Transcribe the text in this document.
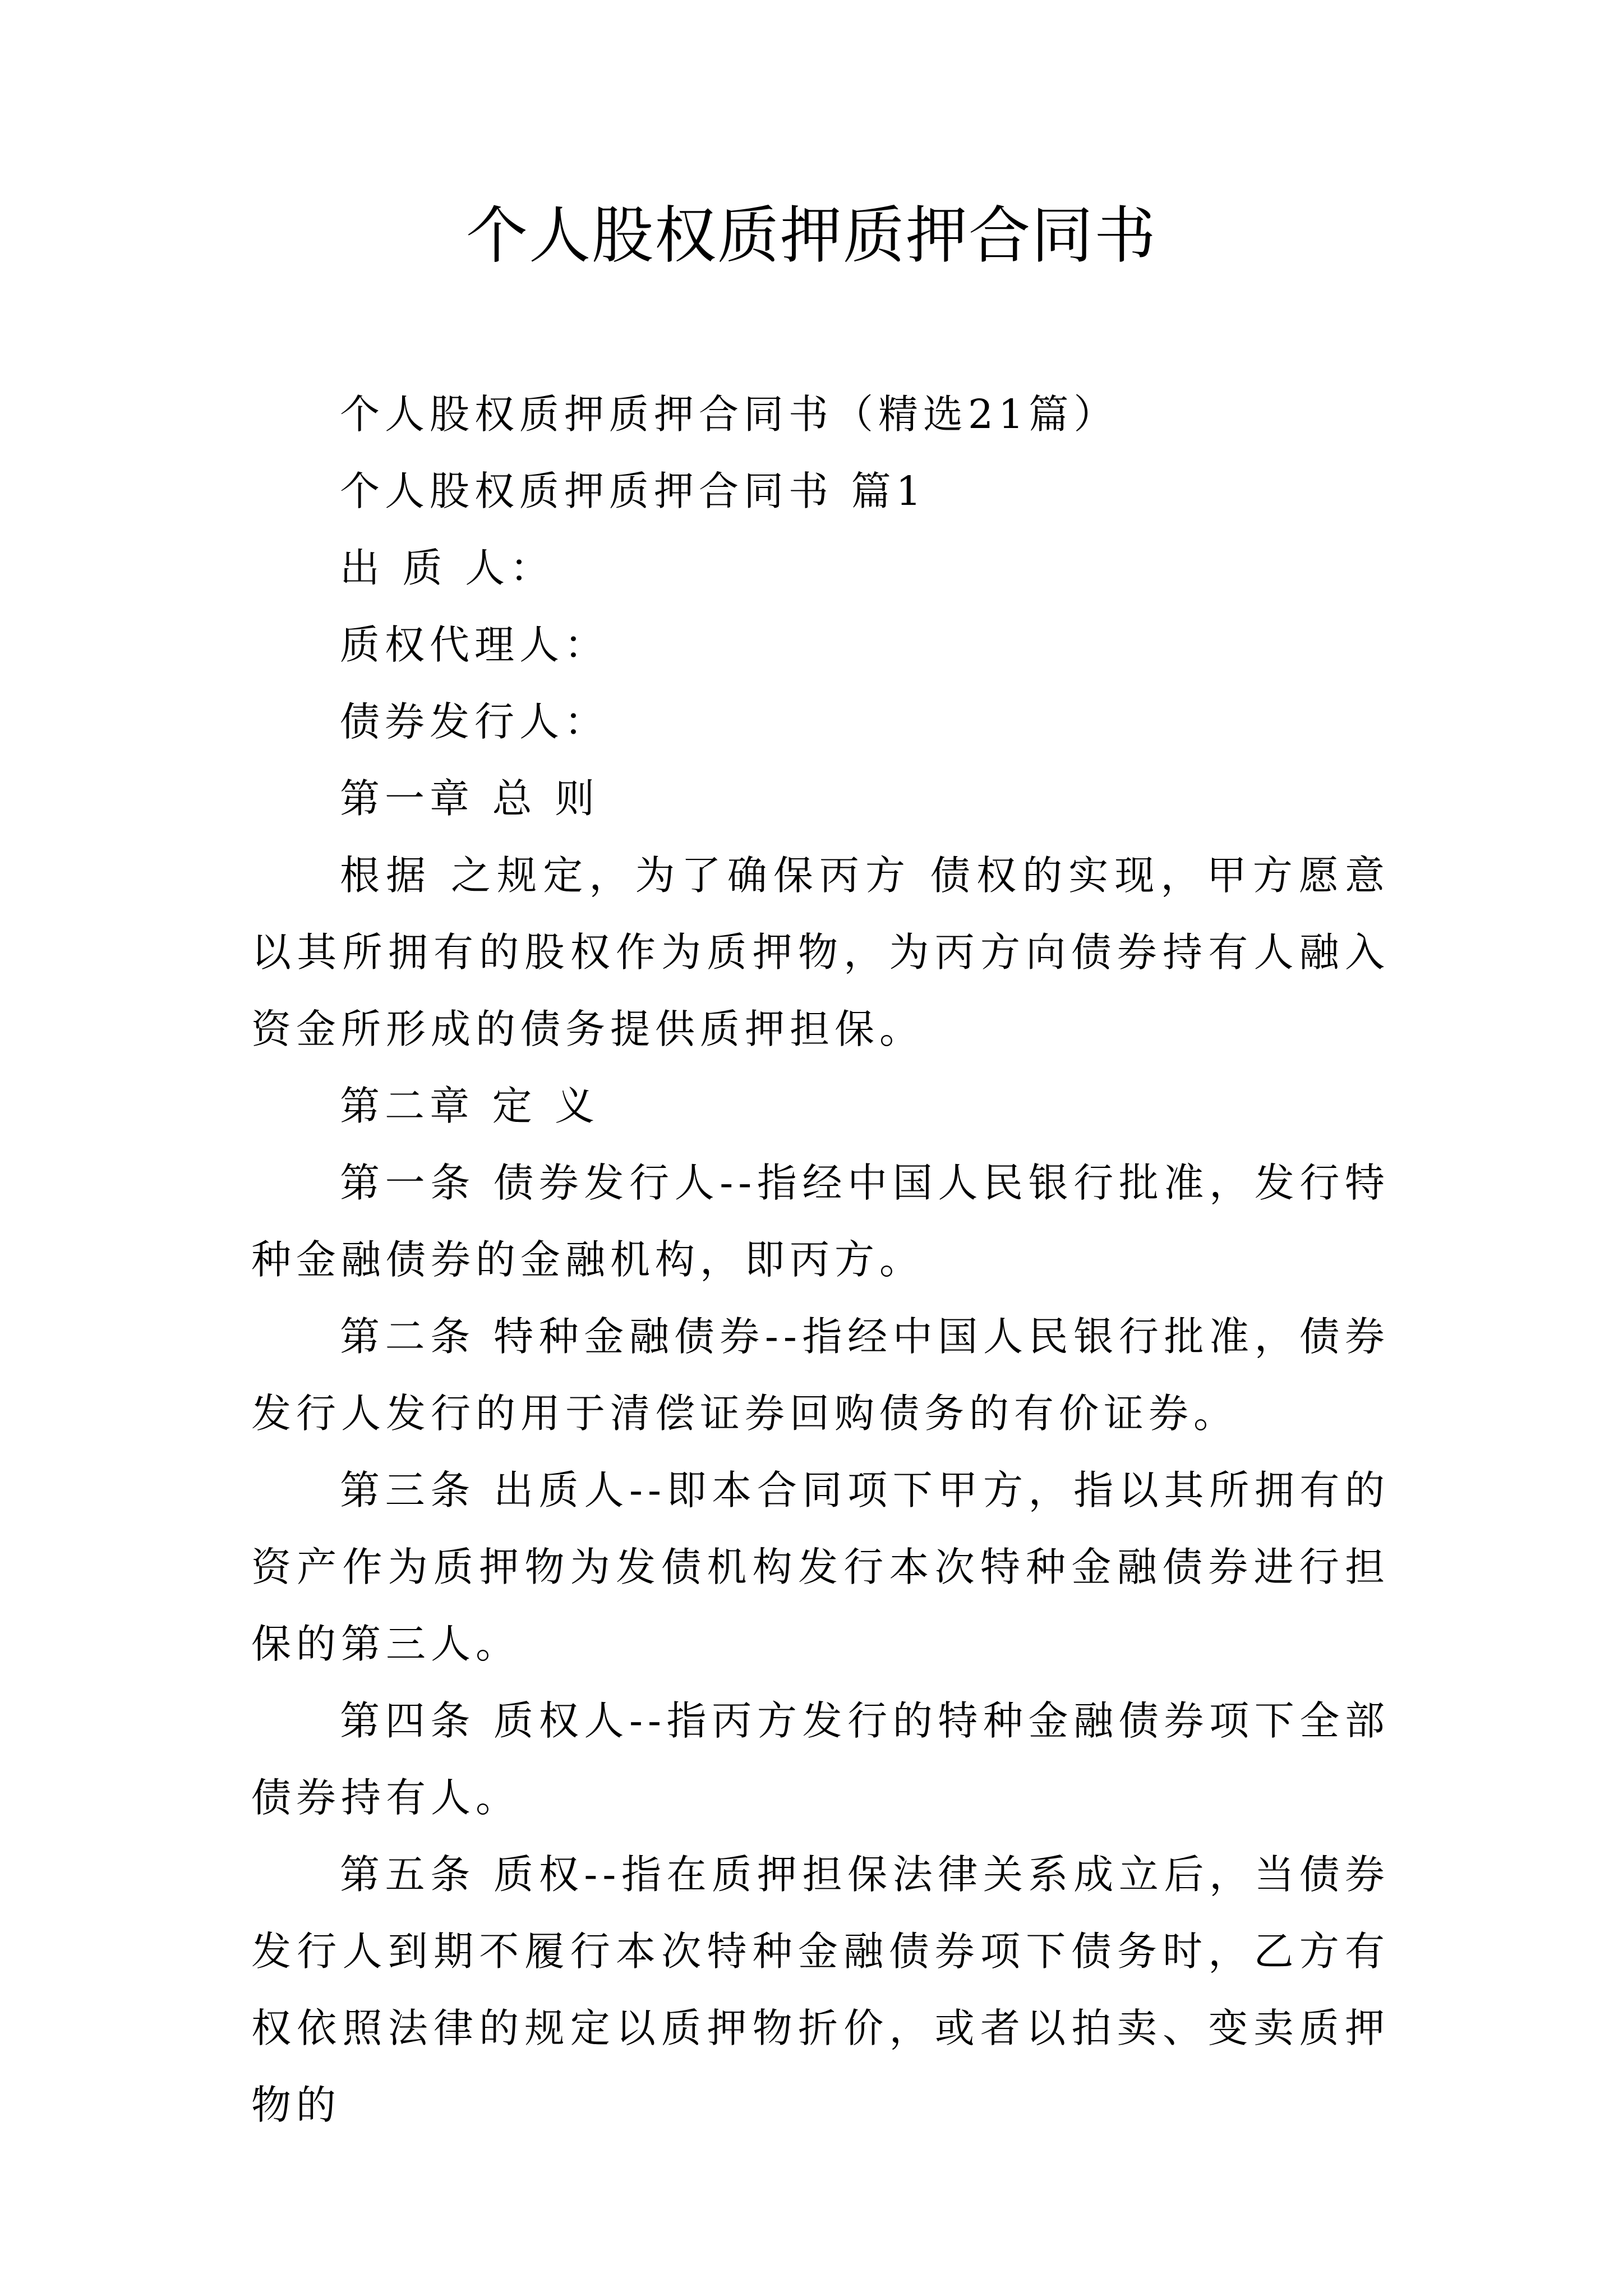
个人股权质押质押合同书

个人股权质押质押合同书（精选21篇）

个人股权质押质押合同书 篇1

出 质 人：

质权代理人：

债券发行人：

第一章 总 则

根据 之规定，为了确保丙方 债权的实现，甲方愿意以其所拥有的股权作为质押物，为丙方向债券持有人融入资金所形成的债务提供质押担保。

第二章 定 义

第一条 债券发行人--指经中国人民银行批准，发行特种金融债券的金融机构，即丙方。

第二条 特种金融债券--指经中国人民银行批准，债券发行人发行的用于清偿证券回购债务的有价证券。

第三条 出质人--即本合同项下甲方，指以其所拥有的资产作为质押物为发债机构发行本次特种金融债券进行担保的第三人。

第四条 质权人--指丙方发行的特种金融债券项下全部债券持有人。

第五条 质权--指在质押担保法律关系成立后，当债券发行人到期不履行本次特种金融债券项下债务时，乙方有权依照法律的规定以质押物折价，或者以拍卖、变卖质押物的
